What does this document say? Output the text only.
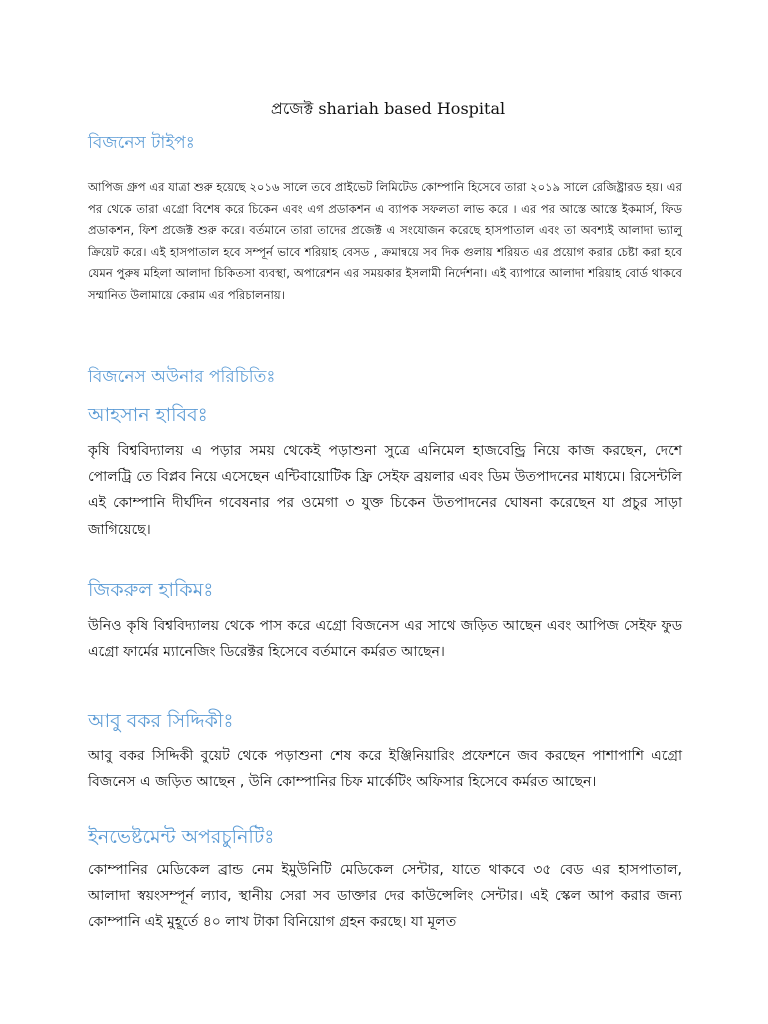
প্রজেক্ট shariah based Hospital
বিজনেস টাইপঃ
আপিজ গ্রুপ এর যাত্রা শুরু হয়েছে ২০১৬ সালে তবে প্রাইভেট লিমিটেড কোম্পানি হিসেবে তারা ২০১৯ সালে রেজিষ্ট্রারড হয়। এর পর থেকে তারা এগ্রো বিশেষ করে চিকেন এবং এগ প্রডাকশন এ ব্যাপক সফলতা লাভ করে । এর পর আস্তে আস্তে ইকমার্স, ফিড প্রডাকশন, ফিশ প্রজেক্ট শুরু করে। বর্তমানে তারা তাদের প্রজেক্ট এ সংযোজন করেছে হাসপাতাল এবং তা অবশ্যই আলাদা ভ্যালু ক্রিয়েট করে। এই হাসপাতাল হবে সম্পূর্ন ভাবে শরিয়াহ বেসড , ক্রমান্বয়ে সব দিক গুলায় শরিয়ত এর প্রয়োগ করার চেষ্টা করা হবে যেমন পুরুষ মহিলা আলাদা চিকিতসা ব্যবস্থা, অপারেশন এর সময়কার ইসলামী নির্দেশনা। এই ব্যাপারে আলাদা শরিয়াহ বোর্ড থাকবে সম্মানিত উলামায়ে কেরাম এর পরিচালনায়।
বিজনেস অউনার পরিচিতিঃ
আহসান হাবিবঃ
কৃষি বিশ্ববিদ্যালয় এ পড়ার সময় থেকেই পড়াশুনা সুত্রে এনিমেল হাজবেন্ড্রি নিয়ে কাজ করছেন, দেশে পোলট্রি তে বিপ্লব নিয়ে এসেছেন এন্টিবায়োটিক ফ্রি সেইফ ব্রয়লার এবং ডিম উতপাদনের মাধ্যমে। রিসেন্টলি এই কোম্পানি দীর্ঘদিন গবেষনার পর ওমেগা ৩ যুক্ত চিকেন উতপাদনের ঘোষনা করেছেন যা প্রচুর সাড়া জাগিয়েছে।
জিকরুল হাকিমঃ
উনিও কৃষি বিশ্ববিদ্যালয় থেকে পাস করে এগ্রো বিজনেস এর সাথে জড়িত আছেন এবং আপিজ সেইফ ফুড এগ্রো ফার্মের ম্যানেজিং ডিরেক্টর হিসেবে বর্তমানে কর্মরত আছেন।
আবু বকর সিদ্দিকীঃ
আবু বকর সিদ্দিকী বুয়েট থেকে পড়াশুনা শেষ করে ইঞ্জিনিয়ারিং প্রফেশনে জব করছেন পাশাপাশি এগ্রো বিজনেস এ জড়িত আছেন , উনি কোম্পানির চিফ মার্কেটিং অফিসার হিসেবে কর্মরত আছেন।
ইনভেষ্টমেন্ট অপরচুনিটিঃ
কোম্পানির মেডিকেল ব্রান্ড নেম ইমুউনিটি মেডিকেল সেন্টার, যাতে থাকবে ৩৫ বেড এর হাসপাতাল, আলাদা স্বয়ংসম্পূর্ন ল্যাব, স্থানীয় সেরা সব ডাক্তার দের কাউন্সেলিং সেন্টার। এই স্কেল আপ করার জন্য কোম্পানি এই মুহূর্তে ৪০ লাখ টাকা বিনিয়োগ গ্রহন করছে। যা মূলত
